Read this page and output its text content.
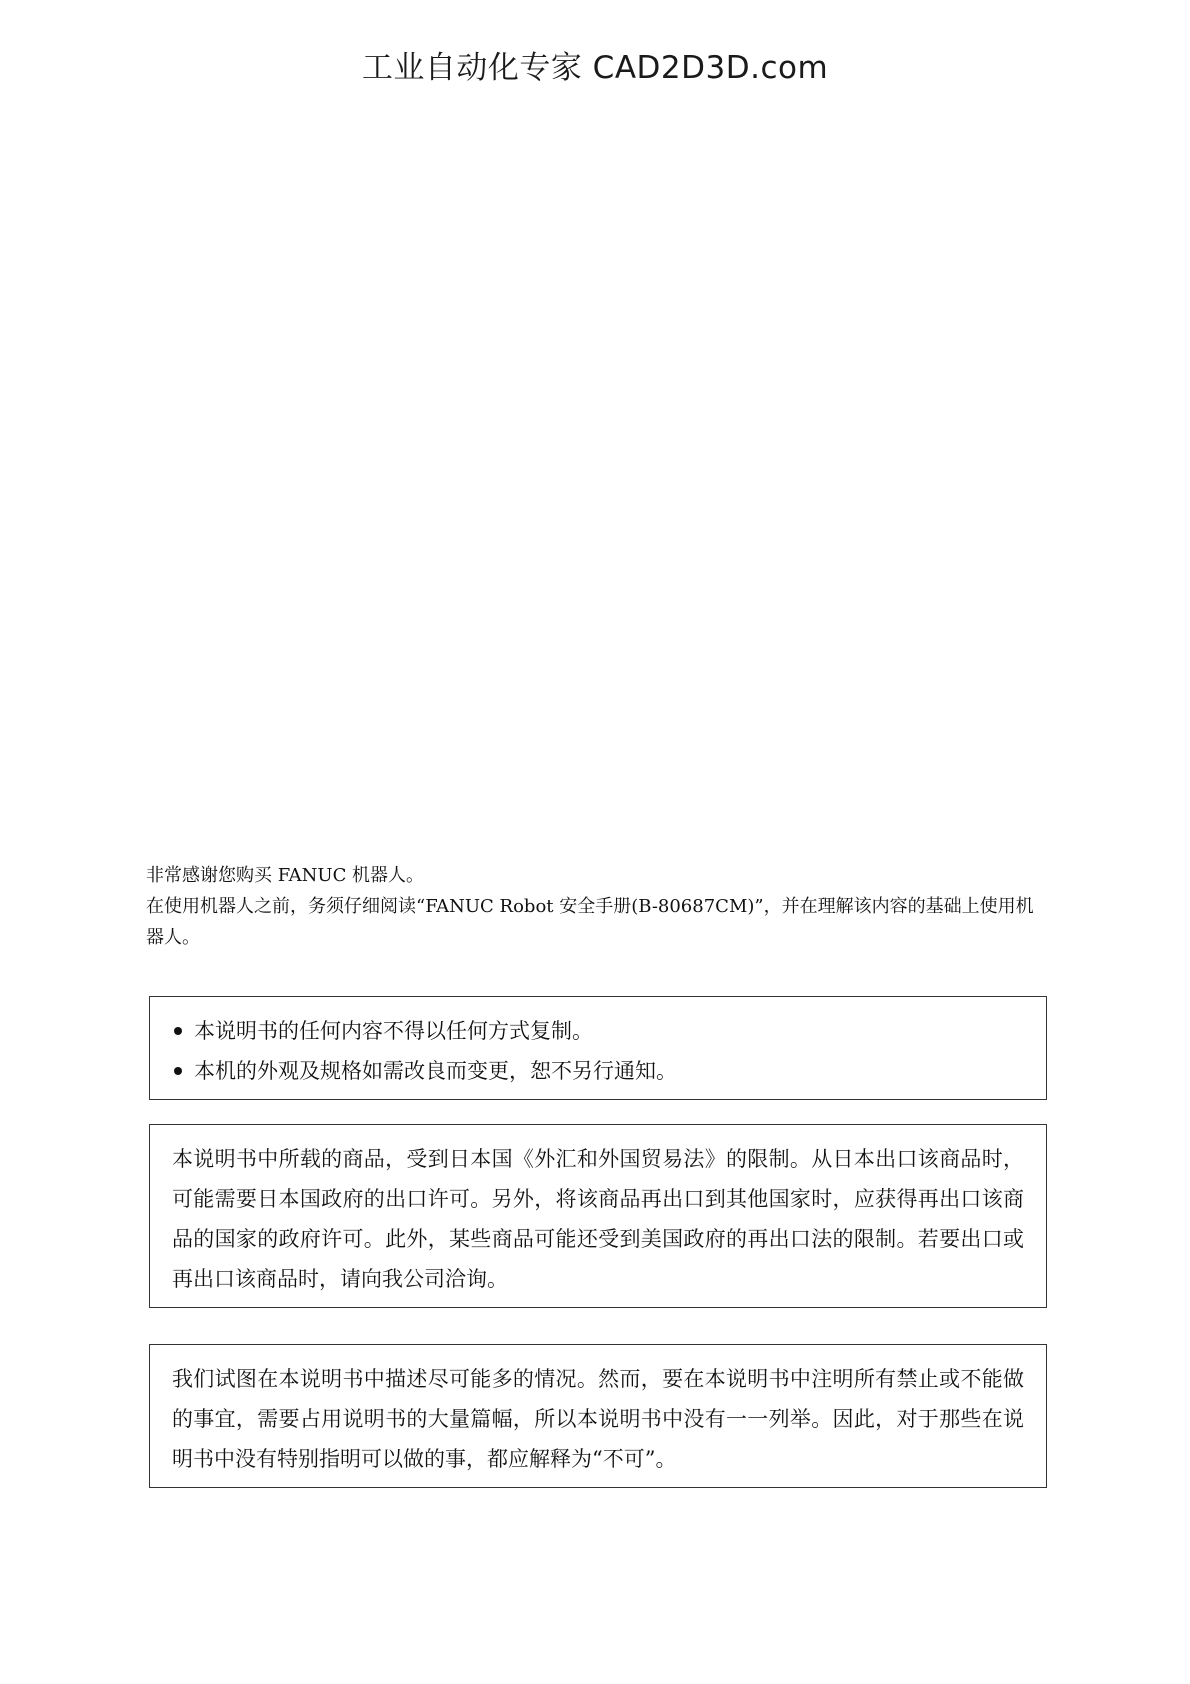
工业自动化专家 CAD2D3D.com

非常感谢您购买 FANUC 机器人。

在使用机器人之前，务须仔细阅读“FANUC Robot 安全手册(B-80687CM)”，并在理解该内容的基础上使用机器人。

本说明书的任何内容不得以任何方式复制。
本机的外观及规格如需改良而变更，恕不另行通知。

本说明书中所载的商品，受到日本国《外汇和外国贸易法》的限制。从日本出口该商品时，可能需要日本国政府的出口许可。另外，将该商品再出口到其他国家时，应获得再出口该商品的国家的政府许可。此外，某些商品可能还受到美国政府的再出口法的限制。若要出口或再出口该商品时，请向我公司洽询。

我们试图在本说明书中描述尽可能多的情况。然而，要在本说明书中注明所有禁止或不能做的事宜，需要占用说明书的大量篇幅，所以本说明书中没有一一列举。因此，对于那些在说明书中没有特别指明可以做的事，都应解释为“不可”。
